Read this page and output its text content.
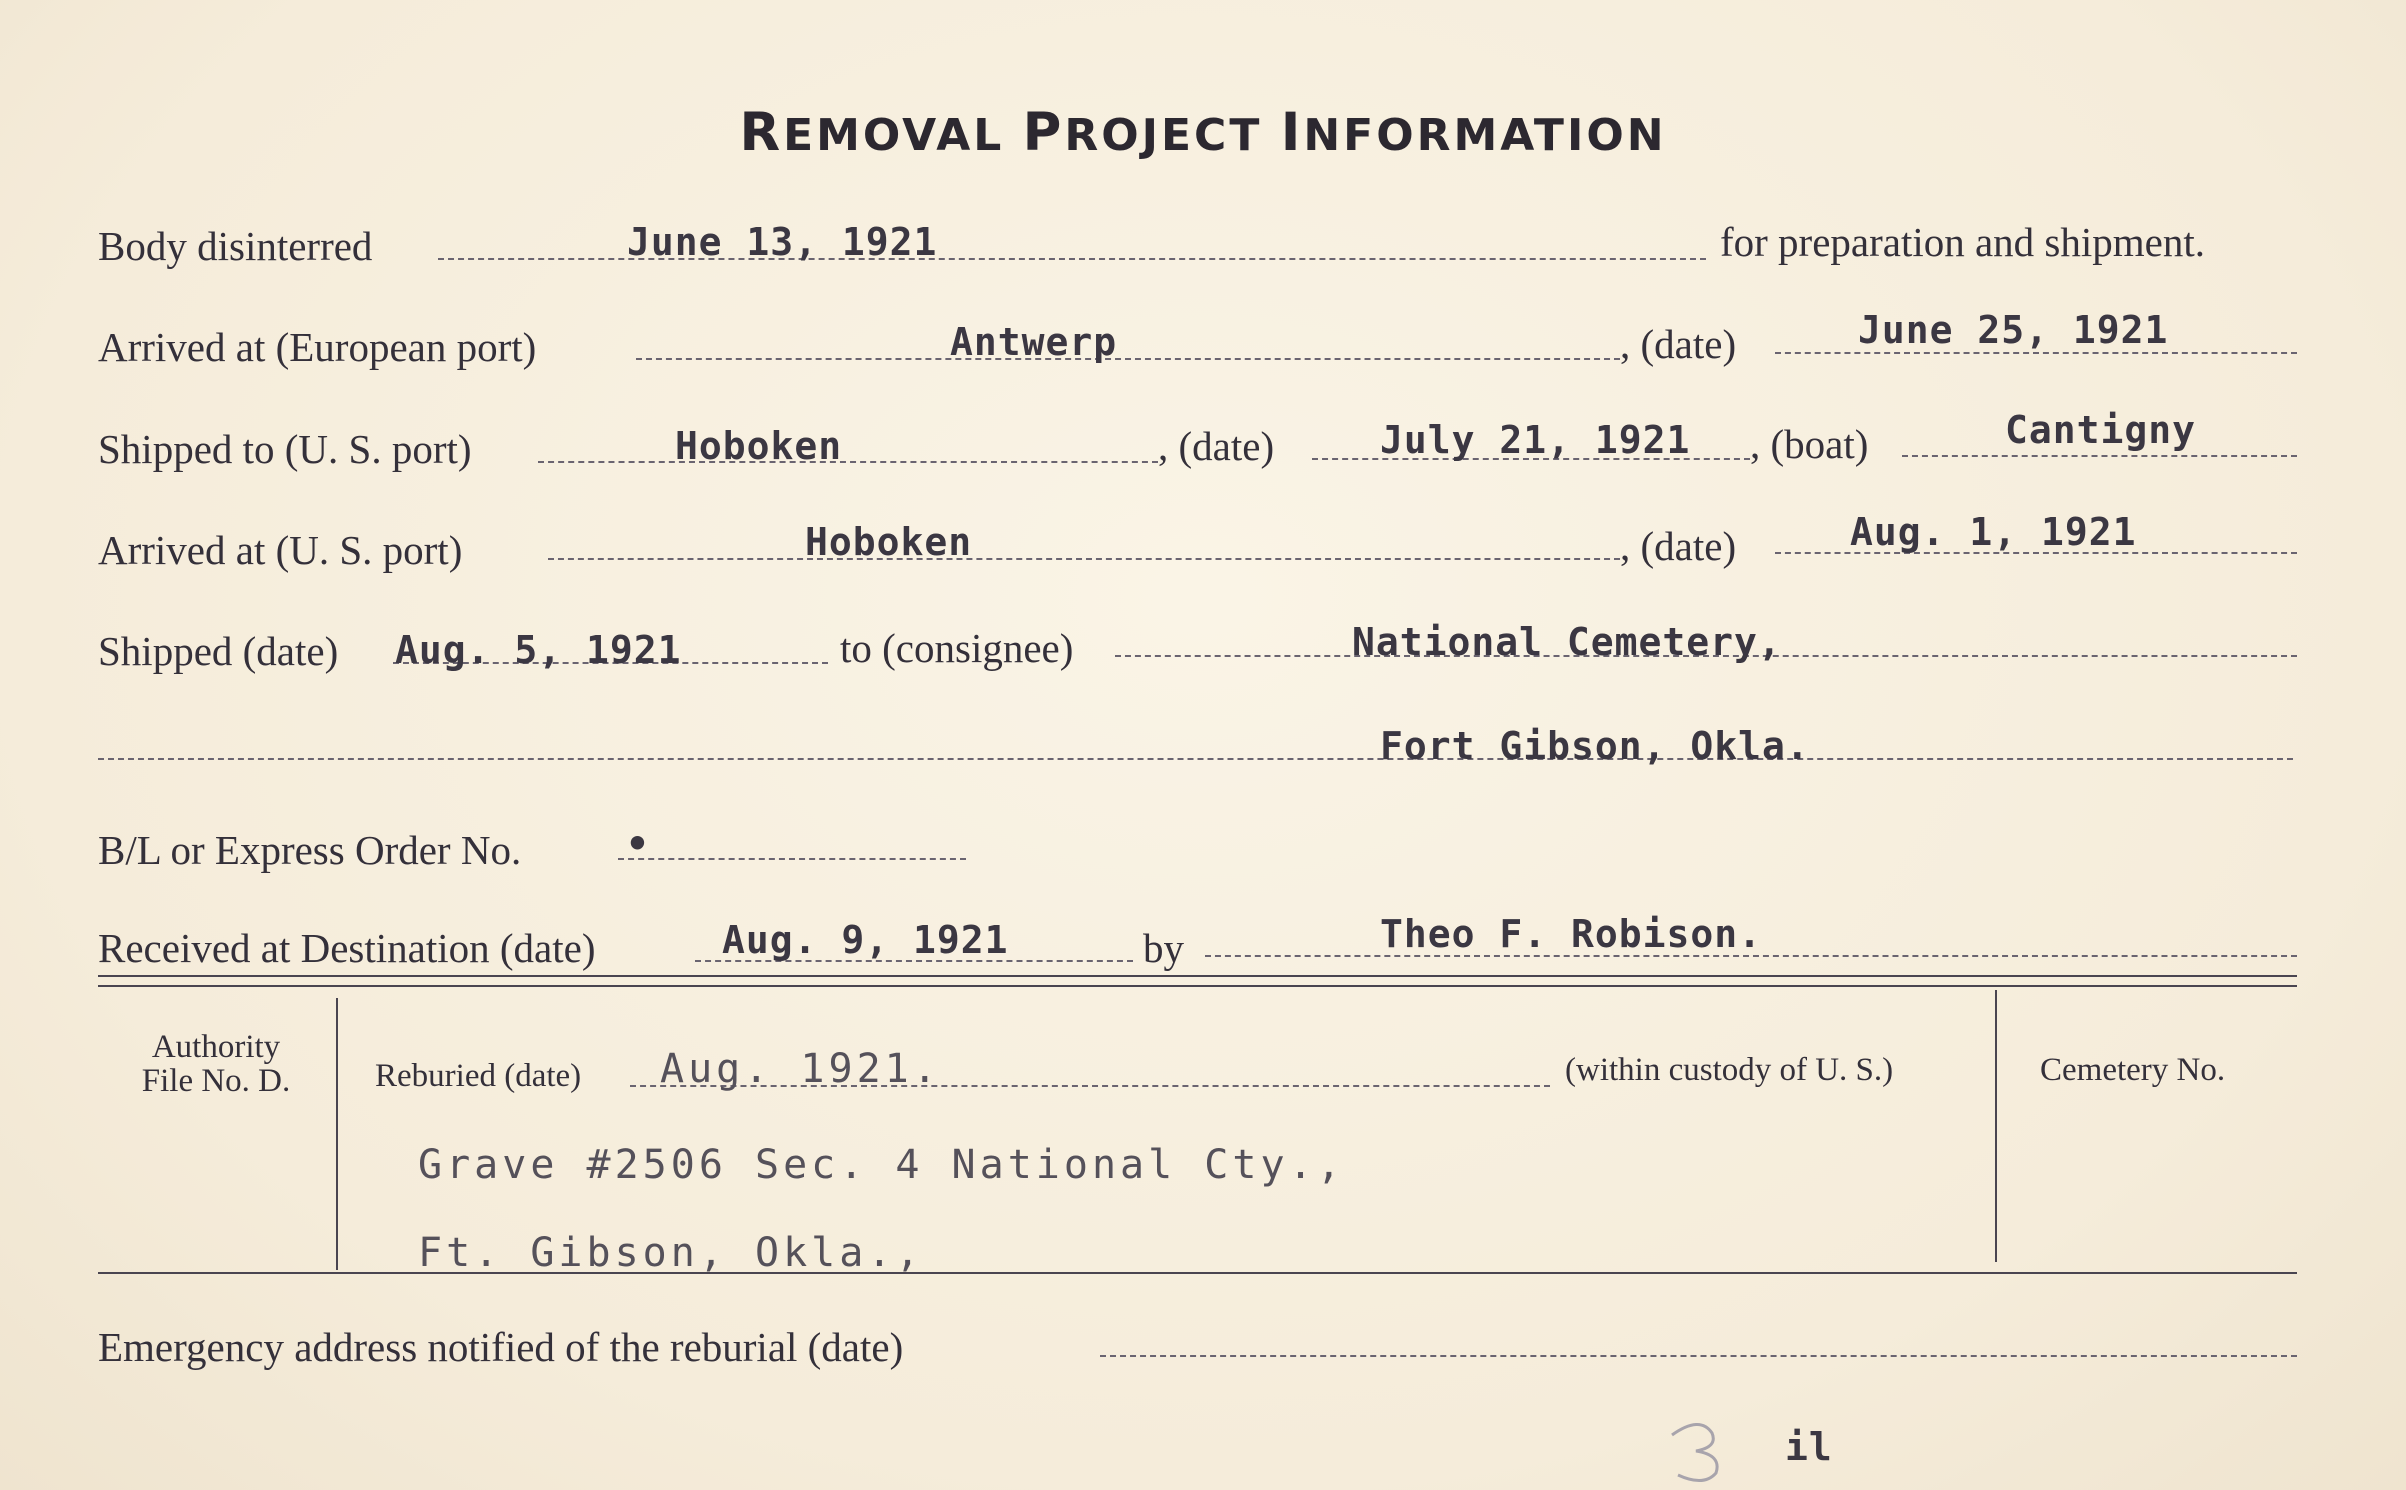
REMOVAL PROJECT INFORMATION
Body disinterred	June 13, 1921	for preparation and shipment.
Arrived at (European port)	Antwerp	, (date)	June 25, 1921
Shipped to (U. S. port)	Hoboken	, (date)	July 21, 1921 , (boat)	Cantigny
Arrived at (U. S. port)	Hoboken	, (date)	Aug. 1, 1921
Shipped (date) Aug. 5, 1921	to (consignee)	National Cemetery,
Fort Gibson, Okla.
B/L or Express Order No.	•
Received at Destination (date)	Aug. 9, 1921	by	Theo F. Robison.
Authority
File No. D.	Reburied (date) Aug. 1921.	(within custody of U. S.)	Cemetery No.
Grave #2506 Sec. 4 National Cty.,
Ft. Gibson, Okla.,
Emergency address notified of the reburial (date)
il
